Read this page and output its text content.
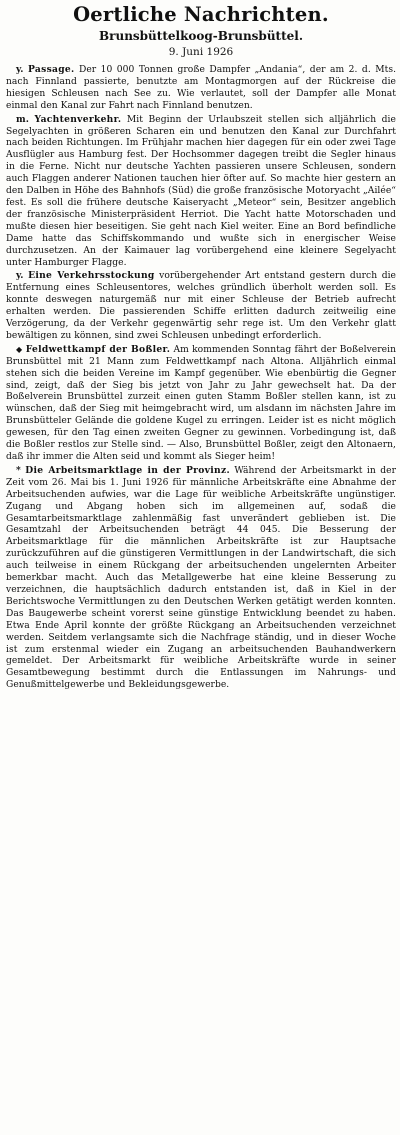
Oertliche Nachrichten.
Brunsbüttelkoog-Brunsbüttel.
9. Juni 1926

y. Passage. Der 10 000 Tonnen große Dampfer „Andania“, der am 2. d. Mts. nach Finnland passierte, benutzte am Montagmorgen auf der Rückreise die hiesigen Schleusen nach See zu. Wie verlautet, soll der Dampfer alle Monat einmal den Kanal zur Fahrt nach Finnland benutzen.

m. Yachtenverkehr. Mit Beginn der Urlaubszeit stellen sich alljährlich die Segelyachten in größeren Scharen ein und benutzen den Kanal zur Durchfahrt nach beiden Richtungen. Im Frühjahr machen hier dagegen für ein oder zwei Tage Ausflügler aus Hamburg fest. Der Hochsommer dagegen treibt die Segler hinaus in die Ferne. Nicht nur deutsche Yachten passieren unsere Schleusen, sondern auch Flaggen anderer Nationen tauchen hier öfter auf. So machte hier gestern an den Dalben in Höhe des Bahnhofs (Süd) die große französische Motoryacht „Ailée“ fest. Es soll die frühere deutsche Kaiseryacht „Meteor“ sein, Besitzer angeblich der französische Ministerpräsident Herriot. Die Yacht hatte Motorschaden und mußte diesen hier beseitigen. Sie geht nach Kiel weiter. Eine an Bord befindliche Dame hatte das Schiffskommando und wußte sich in energischer Weise durchzusetzen. An der Kaimauer lag vorübergehend eine kleinere Segelyacht unter Hamburger Flagge.

y. Eine Verkehrsstockung vorübergehender Art entstand gestern durch die Entfernung eines Schleusentores, welches gründlich überholt werden soll. Es konnte deswegen naturgemäß nur mit einer Schleuse der Betrieb aufrecht erhalten werden. Die passierenden Schiffe erlitten dadurch zeitweilig eine Verzögerung, da der Verkehr gegenwärtig sehr rege ist. Um den Verkehr glatt bewältigen zu können, sind zwei Schleusen unbedingt erforderlich.

◆ Feldwettkampf der Boßler. Am kommenden Sonntag fährt der Boßelverein Brunsbüttel mit 21 Mann zum Feldwettkampf nach Altona. Alljährlich einmal stehen sich die beiden Vereine im Kampf gegenüber. Wie ebenbürtig die Gegner sind, zeigt, daß der Sieg bis jetzt von Jahr zu Jahr gewechselt hat. Da der Boßelverein Brunsbüttel zurzeit einen guten Stamm Boßler stellen kann, ist zu wünschen, daß der Sieg mit heimgebracht wird, um alsdann im nächsten Jahre im Brunsbütteler Gelände die goldene Kugel zu erringen. Leider ist es nicht möglich gewesen, für den Tag einen zweiten Gegner zu gewinnen. Vorbedingung ist, daß die Boßler restlos zur Stelle sind. — Also, Brunsbüttel Boßler, zeigt den Altonaern, daß ihr immer die Alten seid und kommt als Sieger heim!

* Die Arbeitsmarktlage in der Provinz. Während der Arbeitsmarkt in der Zeit vom 26. Mai bis 1. Juni 1926 für männliche Arbeitskräfte eine Abnahme der Arbeitsuchenden aufwies, war die Lage für weibliche Arbeitskräfte ungünstiger. Zugang und Abgang hoben sich im allgemeinen auf, sodaß die Gesamtarbeitsmarktlage zahlenmäßig fast unverändert geblieben ist. Die Gesamtzahl der Arbeitsuchenden beträgt 44 045. Die Besserung der Arbeitsmarktlage für die männlichen Arbeitskräfte ist zur Hauptsache zurückzuführen auf die günstigeren Vermittlungen in der Landwirtschaft, die sich auch teilweise in einem Rückgang der arbeitsuchenden ungelernten Arbeiter bemerkbar macht. Auch das Metallgewerbe hat eine kleine Besserung zu verzeichnen, die hauptsächlich dadurch entstanden ist, daß in Kiel in der Berichtswoche Vermittlungen zu den Deutschen Werken getätigt werden konnten. Das Baugewerbe scheint vorerst seine günstige Entwicklung beendet zu haben. Etwa Ende April konnte der größte Rückgang an Arbeitsuchenden verzeichnet werden. Seitdem verlangsamte sich die Nachfrage ständig, und in dieser Woche ist zum erstenmal wieder ein Zugang an arbeitsuchenden Bauhandwerkern gemeldet. Der Arbeitsmarkt für weibliche Arbeitskräfte wurde in seiner Gesamtbewegung bestimmt durch die Entlassungen im Nahrungs- und Genußmittelgewerbe und Bekleidungsgewerbe.
